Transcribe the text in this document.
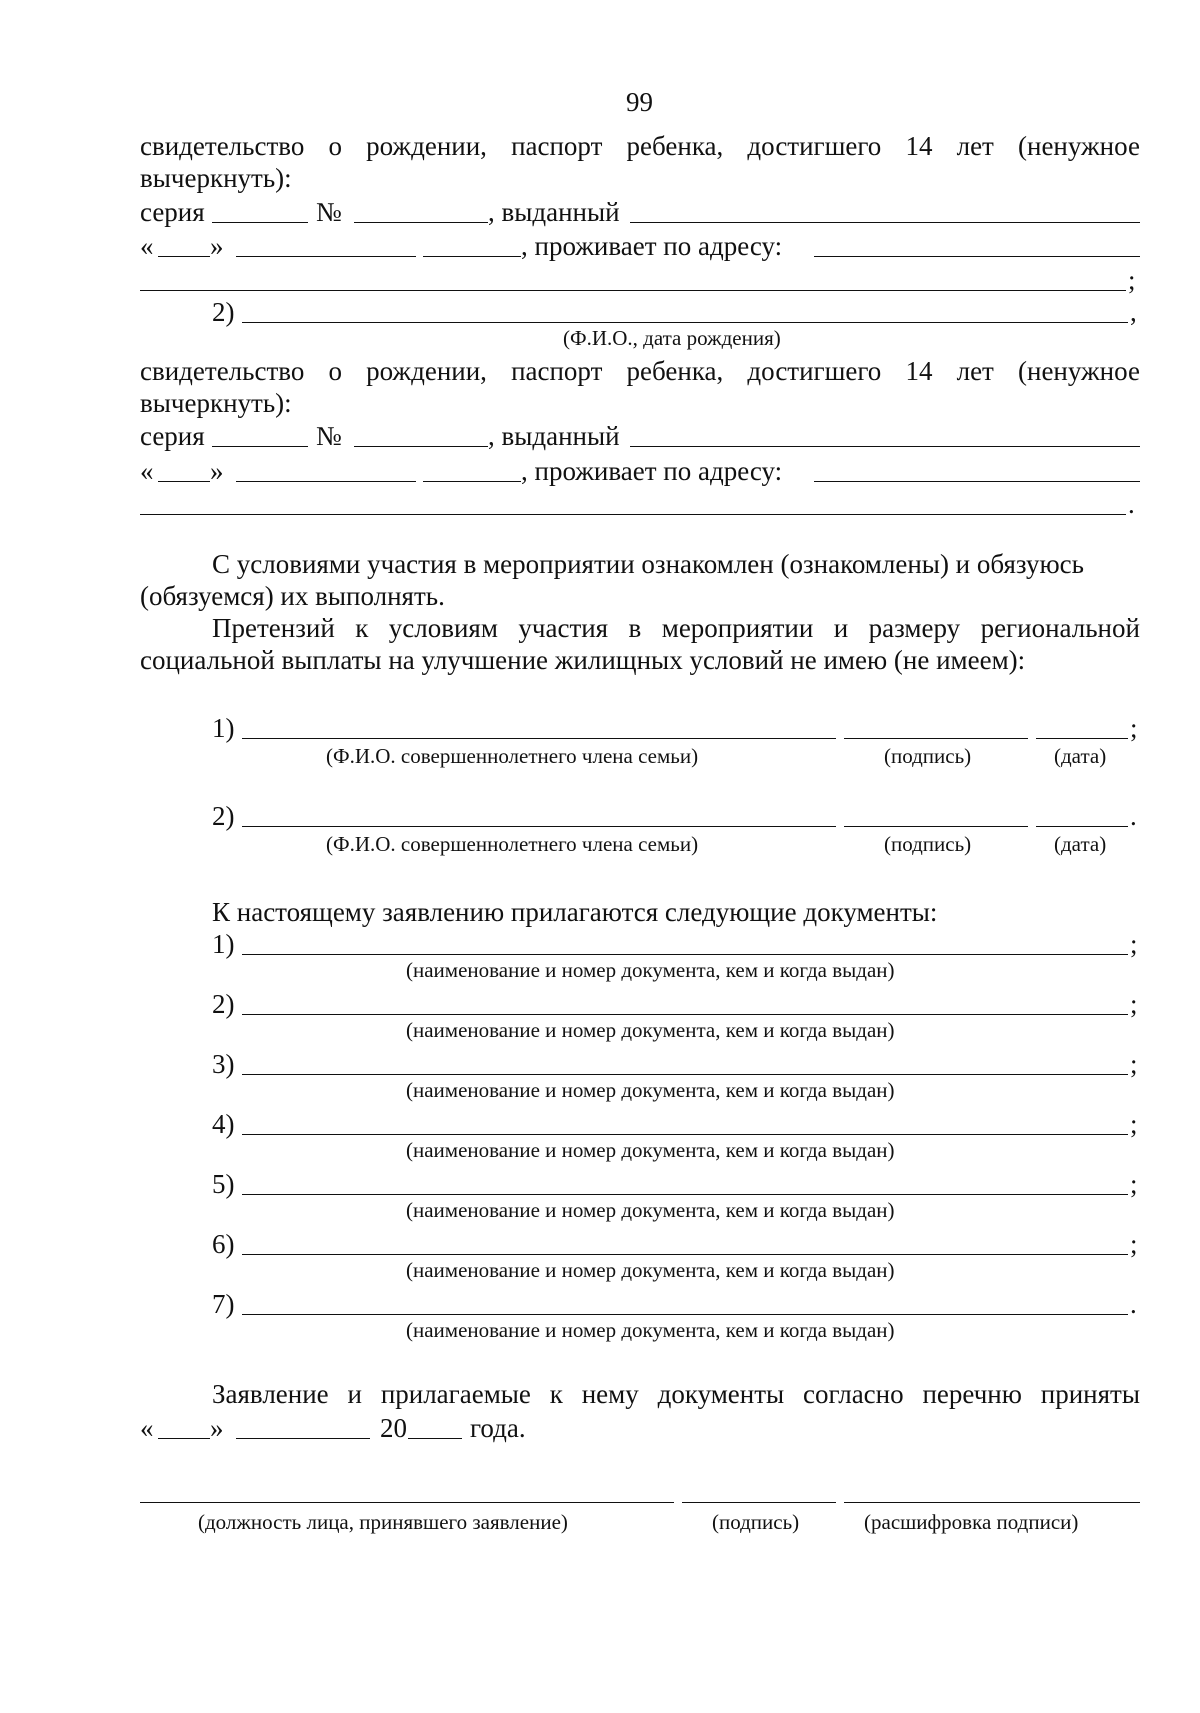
99
свидетельство о рождении, паспорт ребенка, достигшего 14 лет (ненужное
вычеркнуть):
серия	№	, выданный
« »	, проживает по адресу:
;
2)	,
(Ф.И.О., дата рождения)
свидетельство о рождении, паспорт ребенка, достигшего 14 лет (ненужное
вычеркнуть):
серия	№	, выданный
« »	, проживает по адресу:
.
С условиями участия в мероприятии ознакомлен (ознакомлены) и обязуюсь
(обязуемся) их выполнять.
Претензий к условиям участия в мероприятии и размеру региональной
социальной выплаты на улучшение жилищных условий не имею (не имеем):
1)	;
(Ф.И.О. совершеннолетнего члена семьи)	(подпись)	(дата)
2)	.
(Ф.И.О. совершеннолетнего члена семьи)	(подпись)	(дата)
К настоящему заявлению прилагаются следующие документы:
1)	;
(наименование и номер документа, кем и когда выдан)
2)	;
(наименование и номер документа, кем и когда выдан)
3)	;
(наименование и номер документа, кем и когда выдан)
4)	;
(наименование и номер документа, кем и когда выдан)
5)	;
(наименование и номер документа, кем и когда выдан)
6)	;
(наименование и номер документа, кем и когда выдан)
7)	.
(наименование и номер документа, кем и когда выдан)
Заявление и прилагаемые к нему документы согласно перечню приняты
« »	20 года.
(должность лица, принявшего заявление)	(подпись)	(расшифровка подписи)
